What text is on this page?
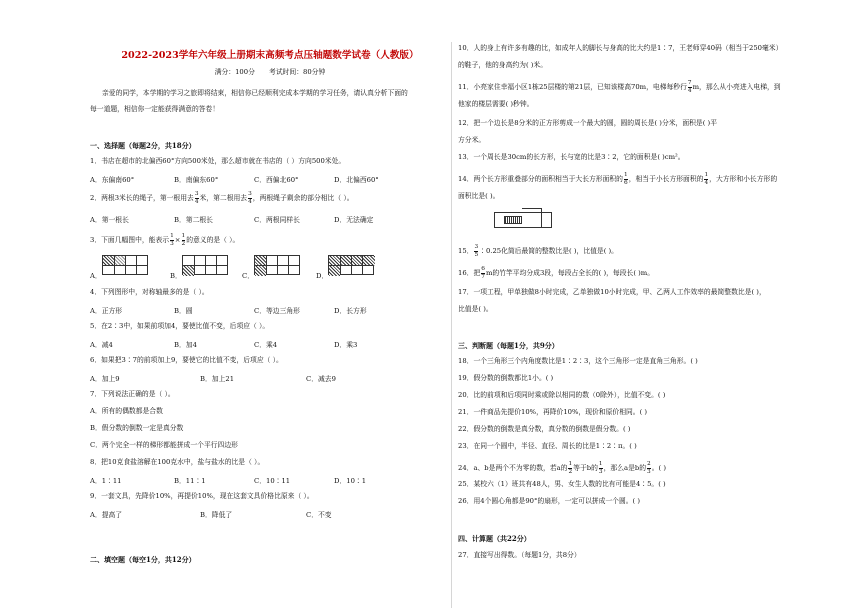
2022-2023学年六年级上册期末高频考点压轴题数学试卷（人教版）
满分：100分 考试时间：80分钟
亲爱的同学，本学期的学习之旅即将结束，相信你已经顺利完成本学期的学习任务，请认真分析下面的
每一道题，相信你一定能获得满意的答卷！
一、选择题（每题2分，共18分）
1．书店在超市的北偏西60°方向500米处，那么超市就在书店的（ ）方向500米处。
A．东偏南60°	B．南偏东60°	C．西偏北60°	D．北偏西60°
2．两根3米长的绳子，第一根用去 $\frac{3}{4}$ 米，第二根用去 $\frac{3}{4}$ ，两根绳子剩余的部分相比（ ）。
A．第一根长	B．第二根长	C．两根同样长	D．无法确定
3．下面几幅图中，能表示 $\frac{1}{3} \times \frac{1}{2}$ 的意义的是（ ）。
A．	B．	C．	D．
4．下列图形中，对称轴最多的是（ ）。
A．正方形	B．圆	C．等边三角形	D．长方形
5．在2∶3中，如果前项加4，要使比值不变，后项应（ ）。
A．减4	B．加4	C．乘4	D．乘3
6．如果把3∶7的前项加上9，要使它的比值不变，后项应（ ）。
A．加上9	B．加上21	C．减去9
7．下列说法正确的是（ ）。
A．所有的偶数都是合数
B．假分数的倒数一定是真分数
C．两个完全一样的梯形都能拼成一个平行四边形
8．把10克食盐溶解在100克水中，盐与盐水的比是（ ）。
A．1∶11	B．11∶1	C．10∶11	D．10∶1
9．一套文具，先降价10%，再提价10%，现在这套文具价格比原来（ ）。
A．提高了	B．降低了	C．不变
二、填空题（每空1分，共12分）
10．人的身上有许多有趣的比，如成年人的脚长与身高的比大约是1∶7，王老师穿40码（相当于250毫米）
的鞋子，他的身高约为( )米。
11．小亮家住幸福小区1栋25层楼的第21层，已知该楼高70m，电梯每秒行 $\frac{7}{4}$ m，那么从小亮进入电梯，到
他家的楼层需要( )秒钟。
12．把一个边长是8分米的正方形剪成一个最大的圆，圆的周长是( )分米，面积是( )平
方分米。
13．一个周长是30cm的长方形，长与宽的比是3∶2，它的面积是( )cm²。
14．两个长方形重叠部分的面积相当于大长方形面积的 $\frac{1}{6}$ ，相当于小长方形面积的 $\frac{1}{4}$ ，大方形和小长方形的
面积比是( )。
15． $\frac{3}{5}$ ∶0.25化简后最简的整数比是( )，比值是( )。
16．把 $\frac{6}{7}$ m的竹竿平均分成3段，每段占全长的( )，每段长( )m。
17．一项工程，甲单独做8小时完成，乙单独做10小时完成，甲、乙两人工作效率的最简整数比是( )，
比值是( )。
三、判断题（每题1分，共9分）
18．一个三角形三个内角度数比是1∶2∶3，这个三角形一定是直角三角形。( )
19．假分数的倒数都比1小。( )
20．比的前项和后项同时乘或除以相同的数（0除外），比值不变。( )
21．一件商品先提价10%，再降价10%，现价和原价相同。( )
22．假分数的倒数是真分数，真分数的倒数是假分数。( )
23．在同一个圆中，半径、直径、周长的比是1∶2∶π。( )
24．a、b是两个不为零的数，若a的 $\frac{1}{2}$ 等于b的 $\frac{1}{3}$ ，那么a是b的 $\frac{2}{3}$ 。( )
25．某校六（1）班共有48人，男、女生人数的比有可能是4∶5。( )
26．用4个圆心角都是90°的扇形，一定可以拼成一个圆。( )
四、计算题（共22分）
27．直接写出得数。（每题1分，共8分）
